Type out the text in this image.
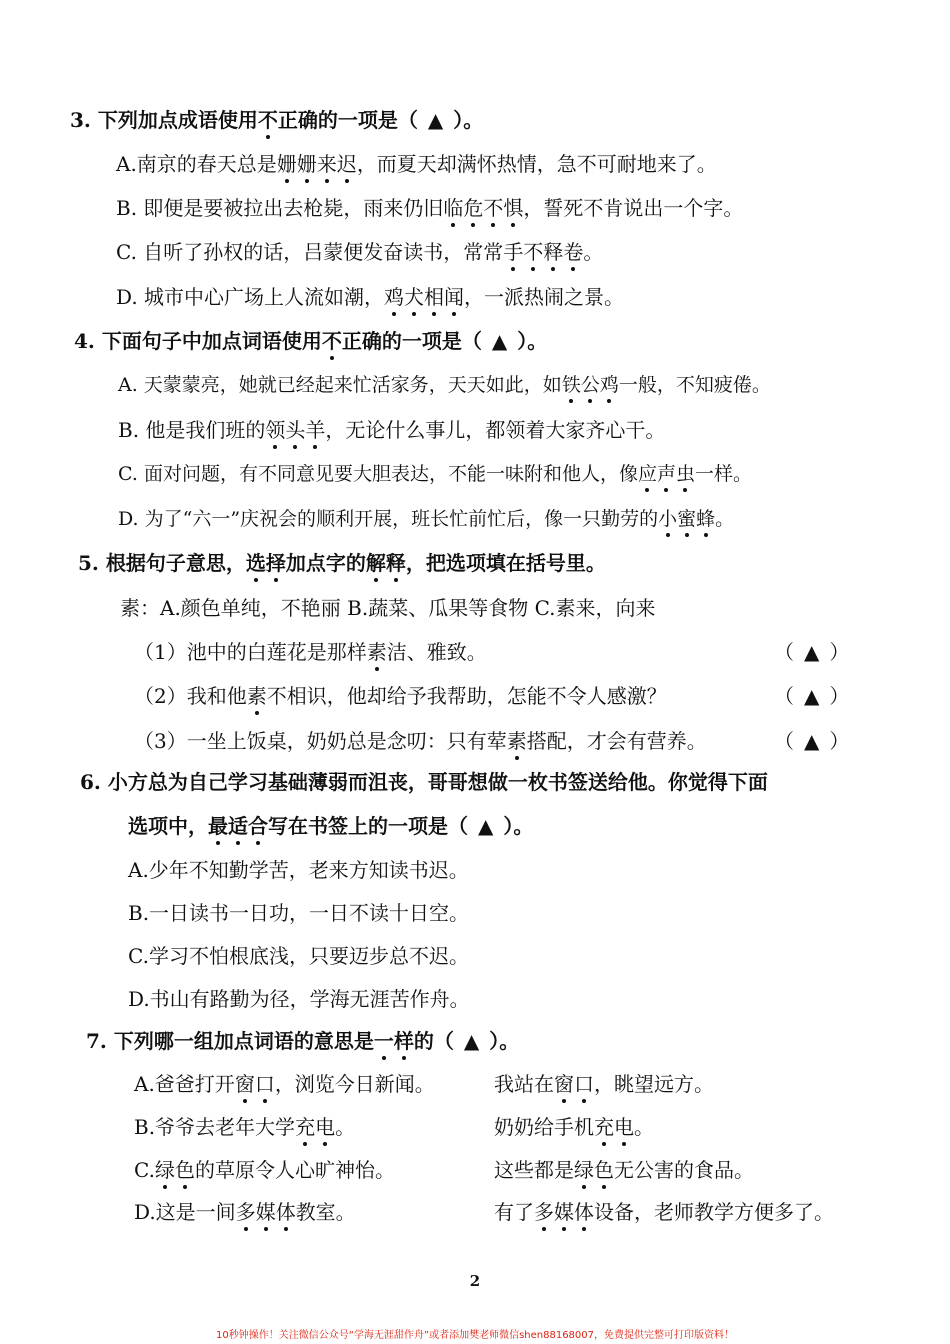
3. 下列加点成语使用不正确的一项是（ ▲ ）。
A.南京的春天总是姗姗来迟，而夏天却满怀热情，急不可耐地来了。
B. 即便是要被拉出去枪毙，雨来仍旧临危不惧，誓死不肯说出一个字。
C. 自听了孙权的话，吕蒙便发奋读书，常常手不释卷。
D. 城市中心广场上人流如潮，鸡犬相闻，一派热闹之景。
4. 下面句子中加点词语使用不正确的一项是（ ▲ ）。
A. 天蒙蒙亮，她就已经起来忙活家务，天天如此，如铁公鸡一般，不知疲倦。
B. 他是我们班的领头羊，无论什么事儿，都领着大家齐心干。
C. 面对问题，有不同意见要大胆表达，不能一味附和他人，像应声虫一样。
D. 为了“六一”庆祝会的顺利开展，班长忙前忙后，像一只勤劳的小蜜蜂。
5. 根据句子意思，选择加点字的解释，把选项填在括号里。
素：A.颜色单纯，不艳丽 B.蔬菜、瓜果等食物 C.素来，向来
（1）池中的白莲花是那样素洁、雅致。	（ ▲ ）
（2）我和他素不相识，他却给予我帮助，怎能不令人感激？	（ ▲ ）
（3）一坐上饭桌，奶奶总是念叨：只有荤素搭配，才会有营养。	（ ▲ ）
6. 小方总为自己学习基础薄弱而沮丧，哥哥想做一枚书签送给他。你觉得下面
选项中，最适合写在书签上的一项是（ ▲ ）。
A.少年不知勤学苦，老来方知读书迟。
B.一日读书一日功，一日不读十日空。
C.学习不怕根底浅，只要迈步总不迟。
D.书山有路勤为径，学海无涯苦作舟。
7. 下列哪一组加点词语的意思是一样的（ ▲ ）。
A.爸爸打开窗口，浏览今日新闻。	我站在窗口，眺望远方。
B.爷爷去老年大学充电。	奶奶给手机充电。
C.绿色的草原令人心旷神怡。	这些都是绿色无公害的食品。
D.这是一间多媒体教室。	有了多媒体设备，老师教学方便多了。
2
10秒钟操作！关注微信公众号“学海无涯甜作舟”或者添加樊老师微信shen88168007，免费提供完整可打印版资料！
